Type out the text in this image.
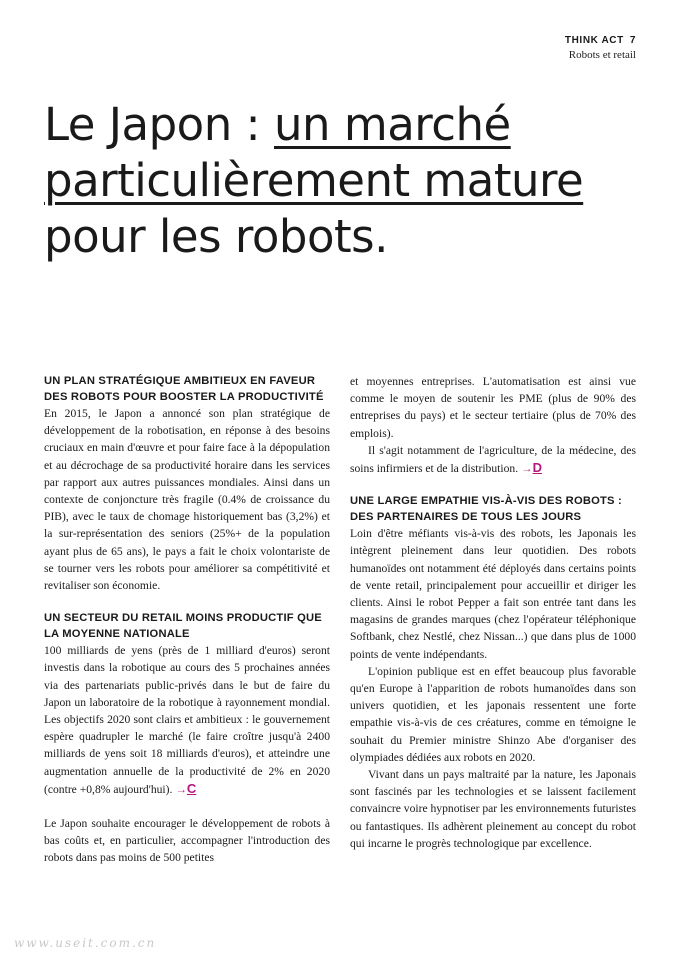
THINK ACT 7
Robots et retail
Le Japon : un marché particulièrement mature pour les robots.
UN PLAN STRATÉGIQUE AMBITIEUX EN FAVEUR DES ROBOTS POUR BOOSTER LA PRODUCTIVITÉ

En 2015, le Japon a annoncé son plan stratégique de développement de la robotisation, en réponse à des besoins cruciaux en main d'œuvre et pour faire face à la dépopulation et au décrochage de sa productivité horaire dans les services par rapport aux autres puissances mondiales. Ainsi dans un contexte de conjoncture très fragile (0.4% de croissance du PIB), avec le taux de chomage historiquement bas (3,2%) et la sur-représentation des seniors (25%+ de la population ayant plus de 65 ans), le pays a fait le choix volontariste de se tourner vers les robots pour améliorer sa compétitivité et revitaliser son économie.

UN SECTEUR DU RETAIL MOINS PRODUCTIF QUE LA MOYENNE NATIONALE

100 milliards de yens (près de 1 milliard d'euros) seront investis dans la robotique au cours des 5 prochaines années via des partenariats public-privés dans le but de faire du Japon un laboratoire de la robotique à rayonnement mondial. Les objectifs 2020 sont clairs et ambitieux : le gouvernement espère quadrupler le marché (le faire croître jusqu'à 2400 milliards de yens soit 18 milliards d'euros), et atteindre une augmentation annuelle de la productivité de 2% en 2020 (contre +0,8% aujourd'hui). →C

Le Japon souhaite encourager le développement de robots à bas coûts et, en particulier, accompagner l'introduction des robots dans pas moins de 500 petites

et moyennes entreprises. L'automatisation est ainsi vue comme le moyen de soutenir les PME (plus de 90% des entreprises du pays) et le secteur tertiaire (plus de 70% des emplois).

Il s'agit notamment de l'agriculture, de la médecine, des soins infirmiers et de la distribution. →D

UNE LARGE EMPATHIE VIS-À-VIS DES ROBOTS : DES PARTENAIRES DE TOUS LES JOURS

Loin d'être méfiants vis-à-vis des robots, les Japonais les intègrent pleinement dans leur quotidien. Des robots humanoïdes ont notamment été déployés dans certains points de vente retail, principalement pour accueillir et diriger les clients. Ainsi le robot Pepper a fait son entrée tant dans les magasins de grandes marques (chez l'opérateur téléphonique Softbank, chez Nestlé, chez Nissan...) que dans plus de 1000 points de vente indépendants.

L'opinion publique est en effet beaucoup plus favorable qu'en Europe à l'apparition de robots humanoïdes dans son univers quotidien, et les japonais ressentent une forte empathie vis-à-vis de ces créatures, comme en témoigne le souhait du Premier ministre Shinzo Abe d'organiser des olympiades dédiées aux robots en 2020.

Vivant dans un pays maltraité par la nature, les Japonais sont fascinés par les technologies et se laissent facilement convaincre voire hypnotiser par les environnements futuristes ou fantastiques. Ils adhèrent pleinement au concept du robot qui incarne le progrès technologique par excellence.

www.useit.com.cn
